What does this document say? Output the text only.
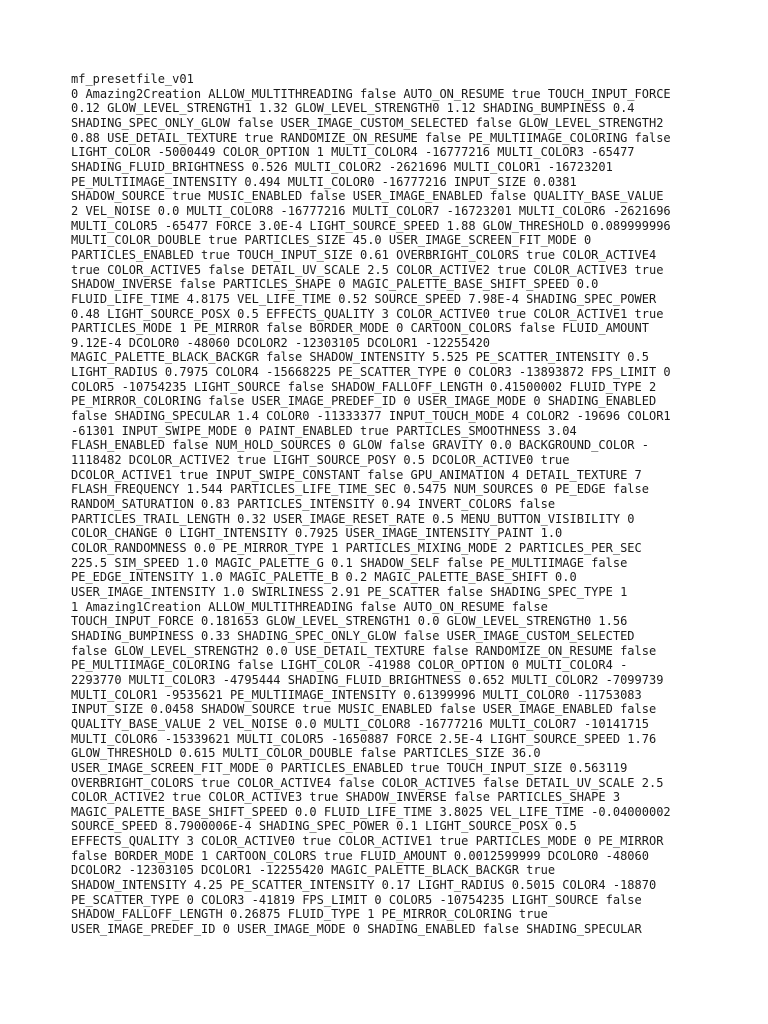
mf_presetfile_v01
0 Amazing2Creation ALLOW_MULTITHREADING false AUTO_ON_RESUME true TOUCH_INPUT_FORCE
0.12 GLOW_LEVEL_STRENGTH1 1.32 GLOW_LEVEL_STRENGTH0 1.12 SHADING_BUMPINESS 0.4
SHADING_SPEC_ONLY_GLOW false USER_IMAGE_CUSTOM_SELECTED false GLOW_LEVEL_STRENGTH2
0.88 USE_DETAIL_TEXTURE true RANDOMIZE_ON_RESUME false PE_MULTIIMAGE_COLORING false
LIGHT_COLOR -5000449 COLOR_OPTION 1 MULTI_COLOR4 -16777216 MULTI_COLOR3 -65477
SHADING_FLUID_BRIGHTNESS 0.526 MULTI_COLOR2 -2621696 MULTI_COLOR1 -16723201
PE_MULTIIMAGE_INTENSITY 0.494 MULTI_COLOR0 -16777216 INPUT_SIZE 0.0381
SHADOW_SOURCE true MUSIC_ENABLED false USER_IMAGE_ENABLED false QUALITY_BASE_VALUE
2 VEL_NOISE 0.0 MULTI_COLOR8 -16777216 MULTI_COLOR7 -16723201 MULTI_COLOR6 -2621696
MULTI_COLOR5 -65477 FORCE 3.0E-4 LIGHT_SOURCE_SPEED 1.88 GLOW_THRESHOLD 0.089999996
MULTI_COLOR_DOUBLE true PARTICLES_SIZE 45.0 USER_IMAGE_SCREEN_FIT_MODE 0
PARTICLES_ENABLED true TOUCH_INPUT_SIZE 0.61 OVERBRIGHT_COLORS true COLOR_ACTIVE4
true COLOR_ACTIVE5 false DETAIL_UV_SCALE 2.5 COLOR_ACTIVE2 true COLOR_ACTIVE3 true
SHADOW_INVERSE false PARTICLES_SHAPE 0 MAGIC_PALETTE_BASE_SHIFT_SPEED 0.0
FLUID_LIFE_TIME 4.8175 VEL_LIFE_TIME 0.52 SOURCE_SPEED 7.98E-4 SHADING_SPEC_POWER
0.48 LIGHT_SOURCE_POSX 0.5 EFFECTS_QUALITY 3 COLOR_ACTIVE0 true COLOR_ACTIVE1 true
PARTICLES_MODE 1 PE_MIRROR false BORDER_MODE 0 CARTOON_COLORS false FLUID_AMOUNT
9.12E-4 DCOLOR0 -48060 DCOLOR2 -12303105 DCOLOR1 -12255420
MAGIC_PALETTE_BLACK_BACKGR false SHADOW_INTENSITY 5.525 PE_SCATTER_INTENSITY 0.5
LIGHT_RADIUS 0.7975 COLOR4 -15668225 PE_SCATTER_TYPE 0 COLOR3 -13893872 FPS_LIMIT 0
COLOR5 -10754235 LIGHT_SOURCE false SHADOW_FALLOFF_LENGTH 0.41500002 FLUID_TYPE 2
PE_MIRROR_COLORING false USER_IMAGE_PREDEF_ID 0 USER_IMAGE_MODE 0 SHADING_ENABLED
false SHADING_SPECULAR 1.4 COLOR0 -11333377 INPUT_TOUCH_MODE 4 COLOR2 -19696 COLOR1
-61301 INPUT_SWIPE_MODE 0 PAINT_ENABLED true PARTICLES_SMOOTHNESS 3.04
FLASH_ENABLED false NUM_HOLD_SOURCES 0 GLOW false GRAVITY 0.0 BACKGROUND_COLOR -
1118482 DCOLOR_ACTIVE2 true LIGHT_SOURCE_POSY 0.5 DCOLOR_ACTIVE0 true
DCOLOR_ACTIVE1 true INPUT_SWIPE_CONSTANT false GPU_ANIMATION 4 DETAIL_TEXTURE 7
FLASH_FREQUENCY 1.544 PARTICLES_LIFE_TIME_SEC 0.5475 NUM_SOURCES 0 PE_EDGE false
RANDOM_SATURATION 0.83 PARTICLES_INTENSITY 0.94 INVERT_COLORS false
PARTICLES_TRAIL_LENGTH 0.32 USER_IMAGE_RESET_RATE 0.5 MENU_BUTTON_VISIBILITY 0
COLOR_CHANGE 0 LIGHT_INTENSITY 0.7925 USER_IMAGE_INTENSITY_PAINT 1.0
COLOR_RANDOMNESS 0.0 PE_MIRROR_TYPE 1 PARTICLES_MIXING_MODE 2 PARTICLES_PER_SEC
225.5 SIM_SPEED 1.0 MAGIC_PALETTE_G 0.1 SHADOW_SELF false PE_MULTIIMAGE false
PE_EDGE_INTENSITY 1.0 MAGIC_PALETTE_B 0.2 MAGIC_PALETTE_BASE_SHIFT 0.0
USER_IMAGE_INTENSITY 1.0 SWIRLINESS 2.91 PE_SCATTER false SHADING_SPEC_TYPE 1
1 Amazing1Creation ALLOW_MULTITHREADING false AUTO_ON_RESUME false
TOUCH_INPUT_FORCE 0.181653 GLOW_LEVEL_STRENGTH1 0.0 GLOW_LEVEL_STRENGTH0 1.56
SHADING_BUMPINESS 0.33 SHADING_SPEC_ONLY_GLOW false USER_IMAGE_CUSTOM_SELECTED
false GLOW_LEVEL_STRENGTH2 0.0 USE_DETAIL_TEXTURE false RANDOMIZE_ON_RESUME false
PE_MULTIIMAGE_COLORING false LIGHT_COLOR -41988 COLOR_OPTION 0 MULTI_COLOR4 -
2293770 MULTI_COLOR3 -4795444 SHADING_FLUID_BRIGHTNESS 0.652 MULTI_COLOR2 -7099739
MULTI_COLOR1 -9535621 PE_MULTIIMAGE_INTENSITY 0.61399996 MULTI_COLOR0 -11753083
INPUT_SIZE 0.0458 SHADOW_SOURCE true MUSIC_ENABLED false USER_IMAGE_ENABLED false
QUALITY_BASE_VALUE 2 VEL_NOISE 0.0 MULTI_COLOR8 -16777216 MULTI_COLOR7 -10141715
MULTI_COLOR6 -15339621 MULTI_COLOR5 -1650887 FORCE 2.5E-4 LIGHT_SOURCE_SPEED 1.76
GLOW_THRESHOLD 0.615 MULTI_COLOR_DOUBLE false PARTICLES_SIZE 36.0
USER_IMAGE_SCREEN_FIT_MODE 0 PARTICLES_ENABLED true TOUCH_INPUT_SIZE 0.563119
OVERBRIGHT_COLORS true COLOR_ACTIVE4 false COLOR_ACTIVE5 false DETAIL_UV_SCALE 2.5
COLOR_ACTIVE2 true COLOR_ACTIVE3 true SHADOW_INVERSE false PARTICLES_SHAPE 3
MAGIC_PALETTE_BASE_SHIFT_SPEED 0.0 FLUID_LIFE_TIME 3.8025 VEL_LIFE_TIME -0.04000002
SOURCE_SPEED 8.7900006E-4 SHADING_SPEC_POWER 0.1 LIGHT_SOURCE_POSX 0.5
EFFECTS_QUALITY 3 COLOR_ACTIVE0 true COLOR_ACTIVE1 true PARTICLES_MODE 0 PE_MIRROR
false BORDER_MODE 1 CARTOON_COLORS true FLUID_AMOUNT 0.0012599999 DCOLOR0 -48060
DCOLOR2 -12303105 DCOLOR1 -12255420 MAGIC_PALETTE_BLACK_BACKGR true
SHADOW_INTENSITY 4.25 PE_SCATTER_INTENSITY 0.17 LIGHT_RADIUS 0.5015 COLOR4 -18870
PE_SCATTER_TYPE 0 COLOR3 -41819 FPS_LIMIT 0 COLOR5 -10754235 LIGHT_SOURCE false
SHADOW_FALLOFF_LENGTH 0.26875 FLUID_TYPE 1 PE_MIRROR_COLORING true
USER_IMAGE_PREDEF_ID 0 USER_IMAGE_MODE 0 SHADING_ENABLED false SHADING_SPECULAR
